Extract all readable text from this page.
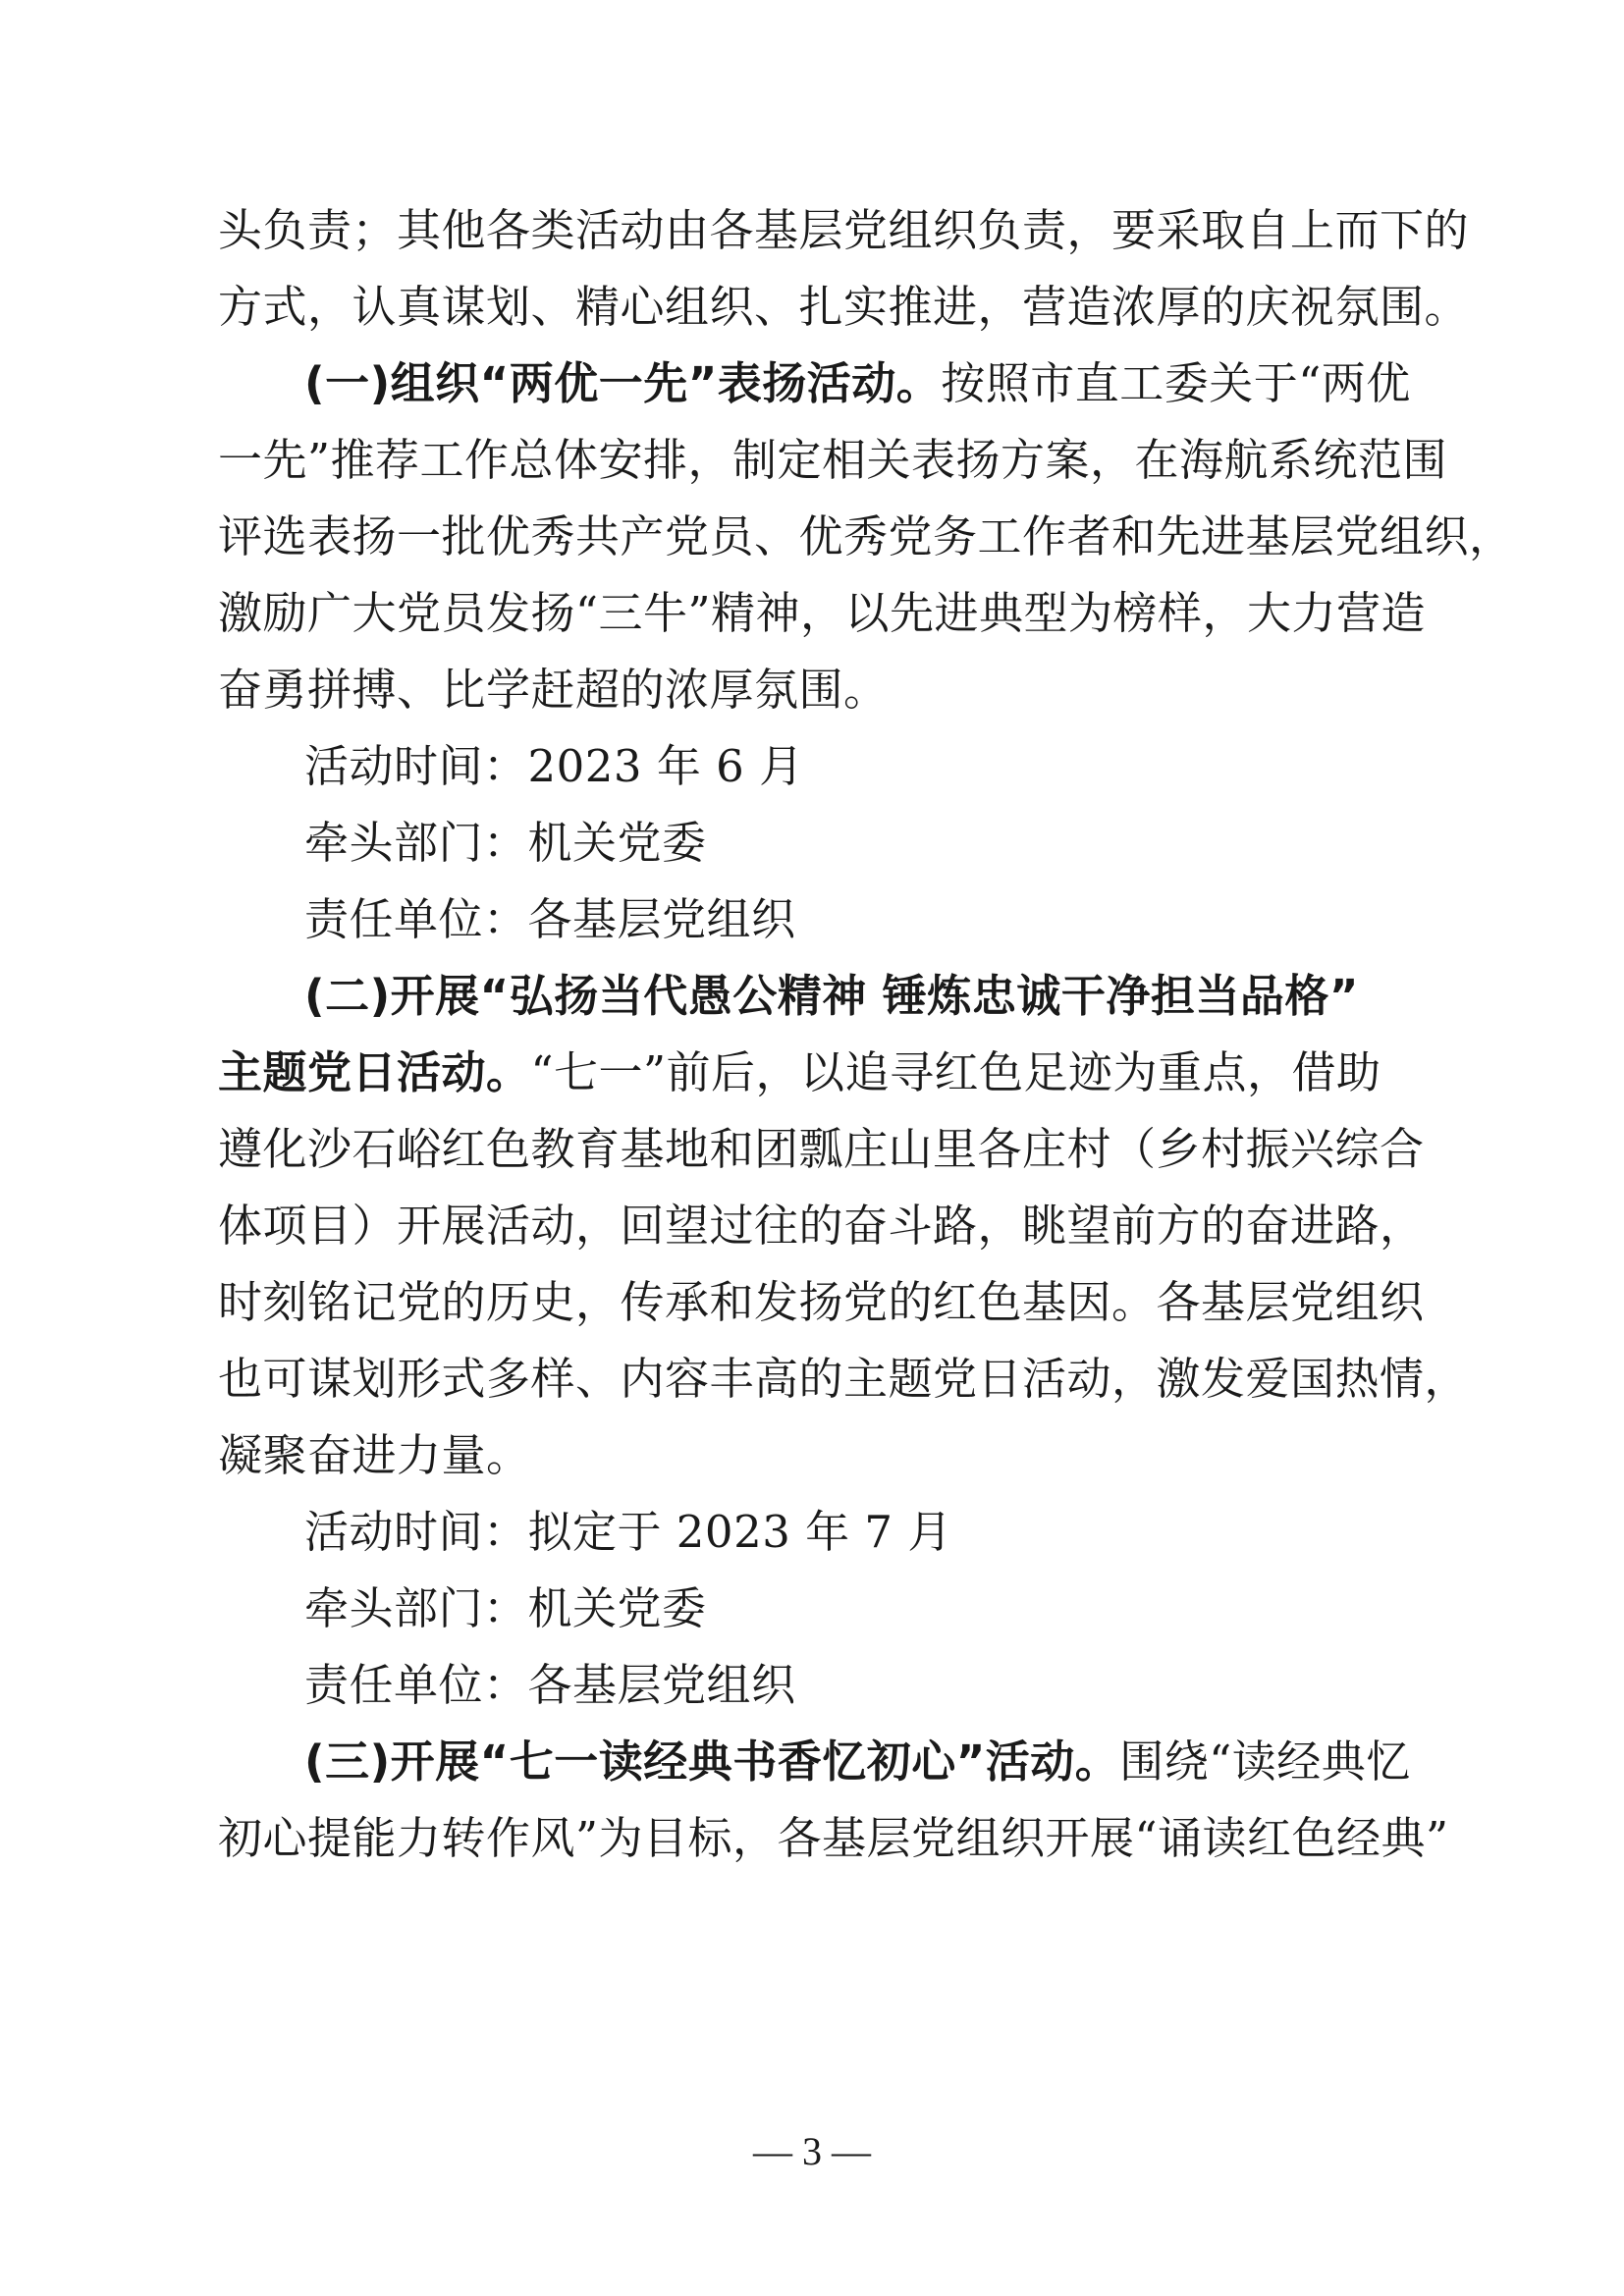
头负责；其他各类活动由各基层党组织负责，要采取自上而下的
方式，认真谋划、精心组织、扎实推进，营造浓厚的庆祝氛围。
(一)组织“两优一先”表扬活动。按照市直工委关于“两优
一先”推荐工作总体安排，制定相关表扬方案，在海航系统范围
评选表扬一批优秀共产党员、优秀党务工作者和先进基层党组织，
激励广大党员发扬“三牛”精神，以先进典型为榜样，大力营造
奋勇拼搏、比学赶超的浓厚氛围。
活动时间：2023 年 6 月
牵头部门：机关党委
责任单位：各基层党组织
(二)开展“弘扬当代愚公精神 锤炼忠诚干净担当品格”
主题党日活动。“七一”前后，以追寻红色足迹为重点，借助
遵化沙石峪红色教育基地和团瓢庄山里各庄村（乡村振兴综合
体项目）开展活动，回望过往的奋斗路，眺望前方的奋进路，
时刻铭记党的历史，传承和发扬党的红色基因。各基层党组织
也可谋划形式多样、内容丰高的主题党日活动，激发爱国热情，
凝聚奋进力量。
活动时间：拟定于 2023 年 7 月
牵头部门：机关党委
责任单位：各基层党组织
(三)开展“七一读经典书香忆初心”活动。围绕“读经典忆
初心提能力转作风”为目标，各基层党组织开展“诵读红色经典”
— 3 —
